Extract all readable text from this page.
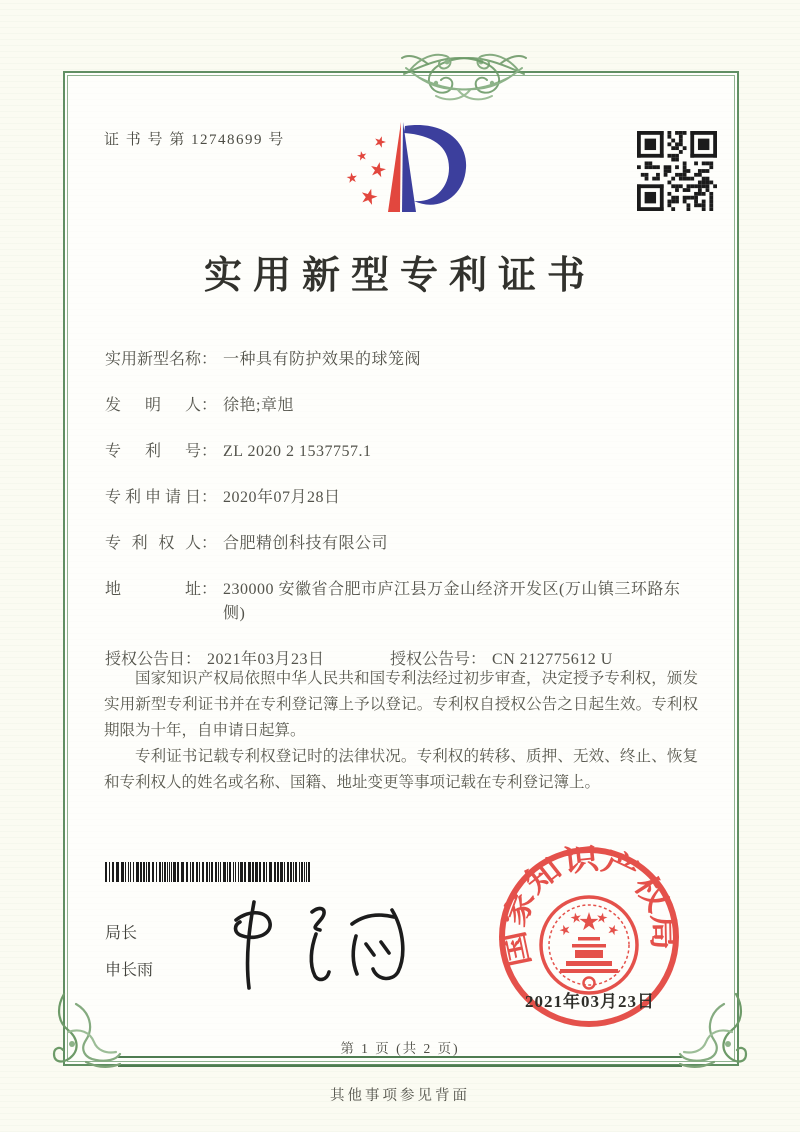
证 书 号 第 12748699 号
实用新型专利证书
实用新型名称 ： 一种具有防护效果的球笼阀
发明人 ： 徐艳;章旭
专利号 ： ZL 2020 2 1537757.1
专利申请日 ： 2020年07月28日
专利权人 ： 合肥精创科技有限公司
地址 ： 230000 安徽省合肥市庐江县万金山经济开发区(万山镇三环路东侧)
授权公告日 ： 2021年03月23日	授权公告号 ： CN 212775612 U

国家知识产权局依照中华人民共和国专利法经过初步审查，决定授予专利权，颁发实用新型专利证书并在专利登记簿上予以登记。专利权自授权公告之日起生效。专利权期限为十年，自申请日起算。

专利证书记载专利权登记时的法律状况。专利权的转移、质押、无效、终止、恢复和专利权人的姓名或名称、国籍、地址变更等事项记载在专利登记簿上。

局长
申长雨
国家知识产权局
2021年03月23日
第 1 页 (共 2 页)
其他事项参见背面
